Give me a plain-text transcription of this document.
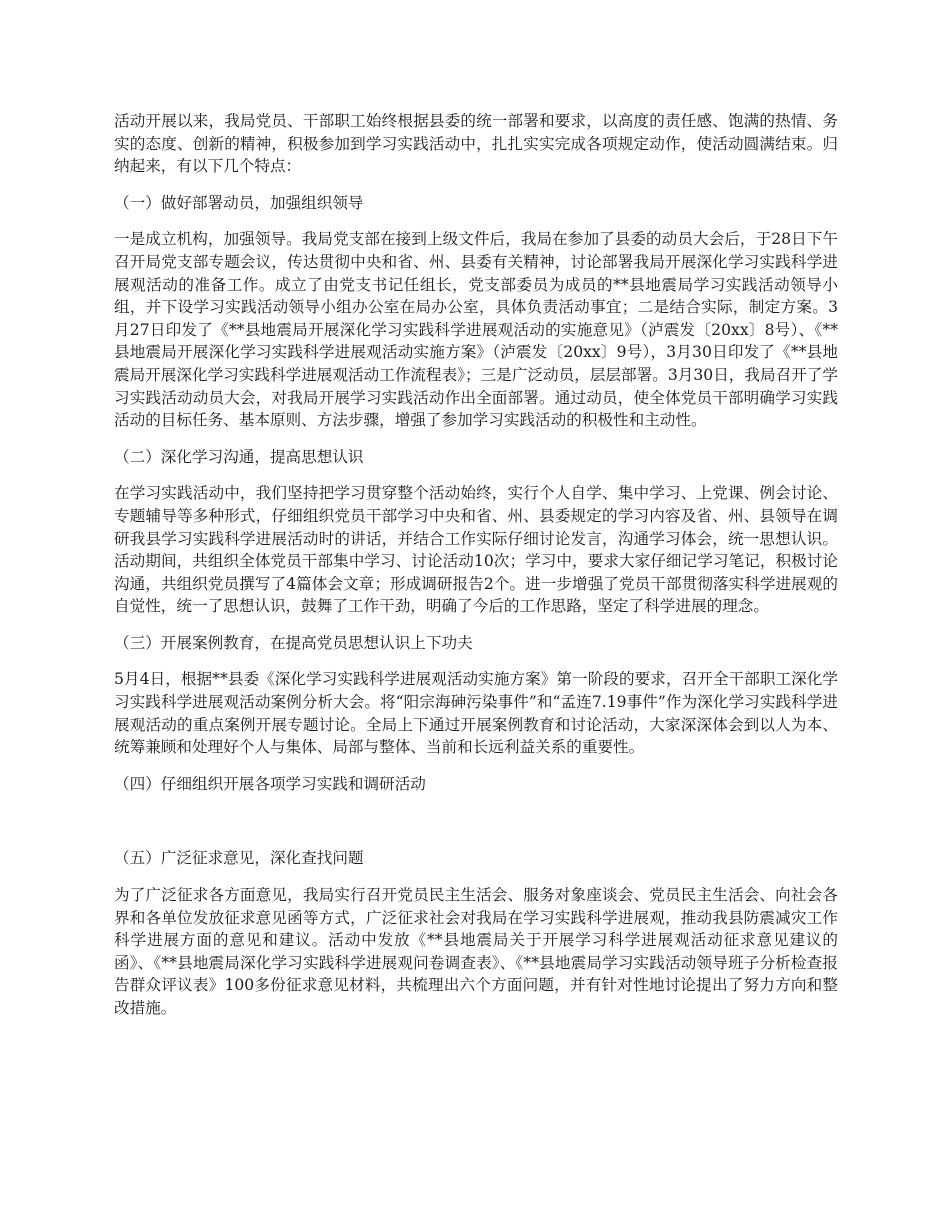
活动开展以来，我局党员、干部职工始终根据县委的统一部署和要求，以高度的责任感、饱满的热情、务实的态度、创新的精神，积极参加到学习实践活动中，扎扎实实完成各项规定动作，使活动圆满结束。归纳起来，有以下几个特点：

（一）做好部署动员，加强组织领导

一是成立机构，加强领导。我局党支部在接到上级文件后，我局在参加了县委的动员大会后，于28日下午召开局党支部专题会议，传达贯彻中央和省、州、县委有关精神，讨论部署我局开展深化学习实践科学进展观活动的准备工作。成立了由党支书记任组长，党支部委员为成员的**县地震局学习实践活动领导小组，并下设学习实践活动领导小组办公室在局办公室，具体负责活动事宜；二是结合实际，制定方案。3月27日印发了《**县地震局开展深化学习实践科学进展观活动的实施意见》（泸震发〔20xx〕8号）、《**县地震局开展深化学习实践科学进展观活动实施方案》（泸震发〔20xx〕9号），3月30日印发了《**县地震局开展深化学习实践科学进展观活动工作流程表》；三是广泛动员，层层部署。3月30日，我局召开了学习实践活动动员大会，对我局开展学习实践活动作出全面部署。通过动员，使全体党员干部明确学习实践活动的目标任务、基本原则、方法步骤，增强了参加学习实践活动的积极性和主动性。

（二）深化学习沟通，提高思想认识

在学习实践活动中，我们坚持把学习贯穿整个活动始终，实行个人自学、集中学习、上党课、例会讨论、专题辅导等多种形式，仔细组织党员干部学习中央和省、州、县委规定的学习内容及省、州、县领导在调研我县学习实践科学进展活动时的讲话，并结合工作实际仔细讨论发言，沟通学习体会，统一思想认识。活动期间，共组织全体党员干部集中学习、讨论活动10次；学习中，要求大家仔细记学习笔记，积极讨论沟通，共组织党员撰写了4篇体会文章；形成调研报告2个。进一步增强了党员干部贯彻落实科学进展观的自觉性，统一了思想认识，鼓舞了工作干劲，明确了今后的工作思路，坚定了科学进展的理念。

（三）开展案例教育，在提高党员思想认识上下功夫

5月4日，根据**县委《深化学习实践科学进展观活动实施方案》第一阶段的要求，召开全干部职工深化学习实践科学进展观活动案例分析大会。将“阳宗海砷污染事件”和“孟连7.19事件”作为深化学习实践科学进展观活动的重点案例开展专题讨论。全局上下通过开展案例教育和讨论活动，大家深深体会到以人为本、统筹兼顾和处理好个人与集体、局部与整体、当前和长远利益关系的重要性。

（四）仔细组织开展各项学习实践和调研活动

（五）广泛征求意见，深化查找问题

为了广泛征求各方面意见，我局实行召开党员民主生活会、服务对象座谈会、党员民主生活会、向社会各界和各单位发放征求意见函等方式，广泛征求社会对我局在学习实践科学进展观，推动我县防震减灾工作科学进展方面的意见和建议。活动中发放《**县地震局关于开展学习科学进展观活动征求意见建议的函》、《**县地震局深化学习实践科学进展观问卷调查表》、《**县地震局学习实践活动领导班子分析检查报告群众评议表》100多份征求意见材料，共梳理出六个方面问题，并有针对性地讨论提出了努力方向和整改措施。
